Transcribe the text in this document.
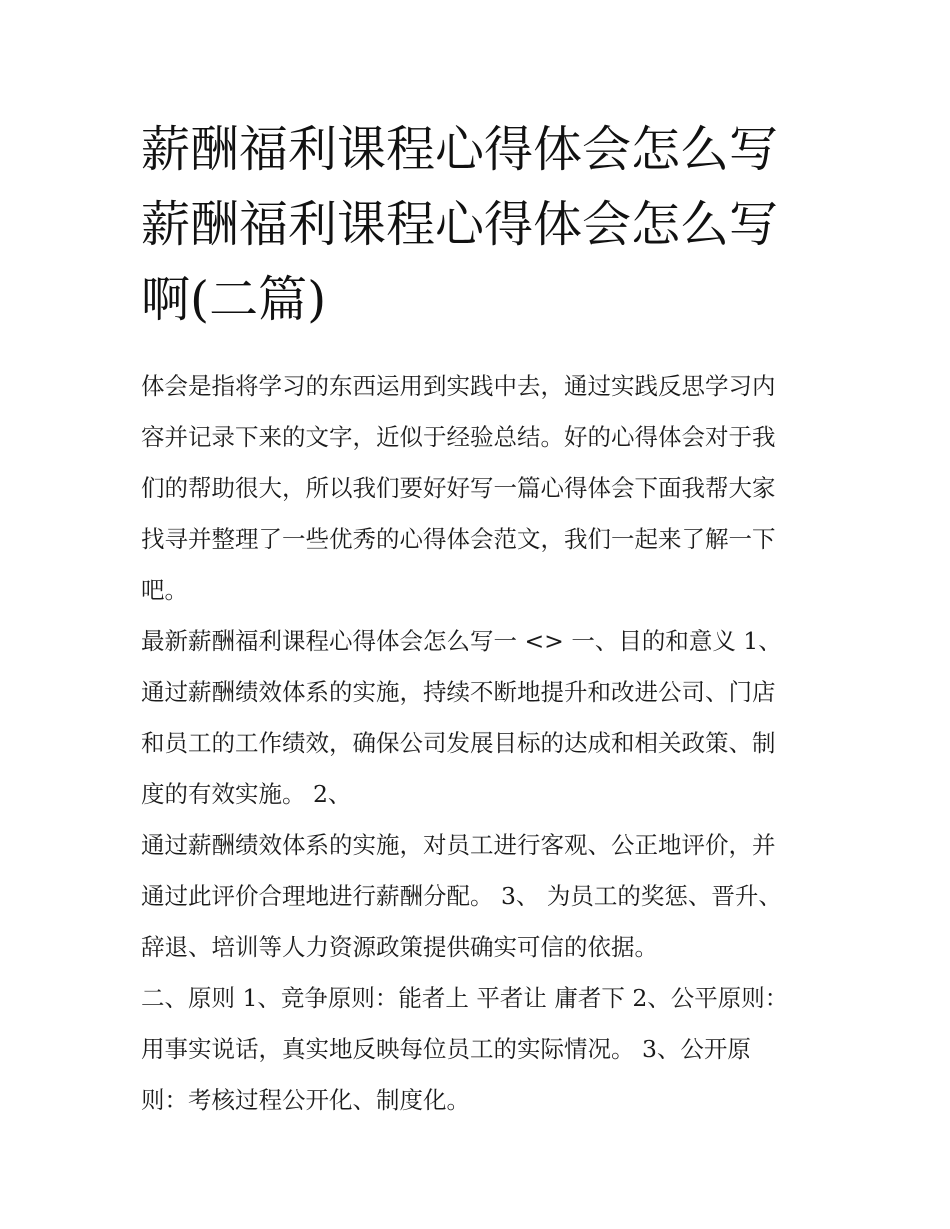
薪酬福利课程心得体会怎么写
薪酬福利课程心得体会怎么写
啊(二篇)

体会是指将学习的东西运用到实践中去，通过实践反思学习内
容并记录下来的文字，近似于经验总结。好的心得体会对于我
们的帮助很大，所以我们要好好写一篇心得体会下面我帮大家
找寻并整理了一些优秀的心得体会范文，我们一起来了解一下
吧。

最新薪酬福利课程心得体会怎么写一 <> 一、目的和意义 1、
通过薪酬绩效体系的实施，持续不断地提升和改进公司、门店
和员工的工作绩效，确保公司发展目标的达成和相关政策、制
度的有效实施。 2、

通过薪酬绩效体系的实施，对员工进行客观、公正地评价，并
通过此评价合理地进行薪酬分配。 3、 为员工的奖惩、晋升、
辞退、培训等人力资源政策提供确实可信的依据。

二、原则 1、竞争原则：能者上 平者让 庸者下 2、公平原则：
用事实说话，真实地反映每位员工的实际情况。 3、公开原
则：考核过程公开化、制度化。
